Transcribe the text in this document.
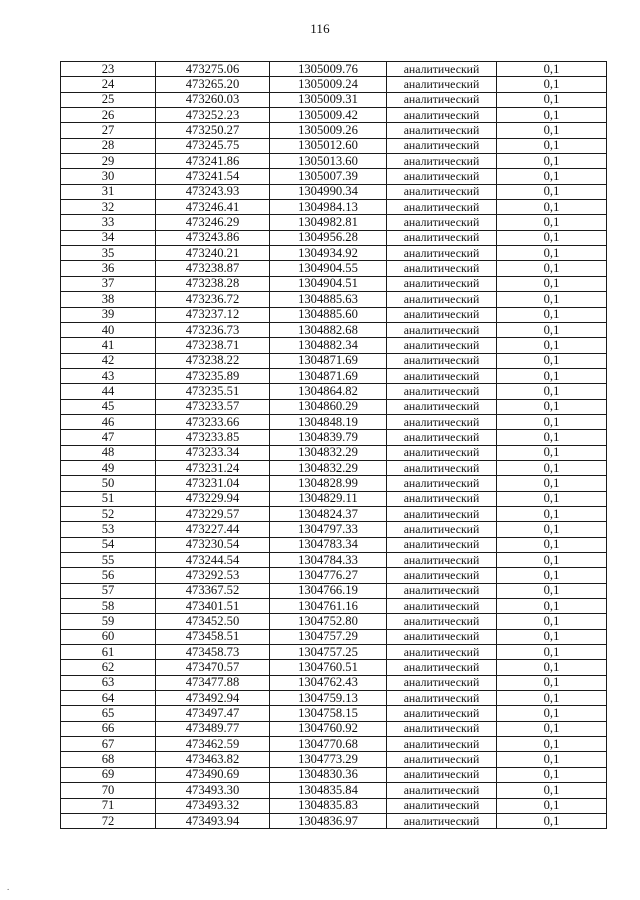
116
23	473275.06	1305009.76	аналитический	0,1
24	473265.20	1305009.24	аналитический	0,1
25	473260.03	1305009.31	аналитический	0,1
26	473252.23	1305009.42	аналитический	0,1
27	473250.27	1305009.26	аналитический	0,1
28	473245.75	1305012.60	аналитический	0,1
29	473241.86	1305013.60	аналитический	0,1
30	473241.54	1305007.39	аналитический	0,1
31	473243.93	1304990.34	аналитический	0,1
32	473246.41	1304984.13	аналитический	0,1
33	473246.29	1304982.81	аналитический	0,1
34	473243.86	1304956.28	аналитический	0,1
35	473240.21	1304934.92	аналитический	0,1
36	473238.87	1304904.55	аналитический	0,1
37	473238.28	1304904.51	аналитический	0,1
38	473236.72	1304885.63	аналитический	0,1
39	473237.12	1304885.60	аналитический	0,1
40	473236.73	1304882.68	аналитический	0,1
41	473238.71	1304882.34	аналитический	0,1
42	473238.22	1304871.69	аналитический	0,1
43	473235.89	1304871.69	аналитический	0,1
44	473235.51	1304864.82	аналитический	0,1
45	473233.57	1304860.29	аналитический	0,1
46	473233.66	1304848.19	аналитический	0,1
47	473233.85	1304839.79	аналитический	0,1
48	473233.34	1304832.29	аналитический	0,1
49	473231.24	1304832.29	аналитический	0,1
50	473231.04	1304828.99	аналитический	0,1
51	473229.94	1304829.11	аналитический	0,1
52	473229.57	1304824.37	аналитический	0,1
53	473227.44	1304797.33	аналитический	0,1
54	473230.54	1304783.34	аналитический	0,1
55	473244.54	1304784.33	аналитический	0,1
56	473292.53	1304776.27	аналитический	0,1
57	473367.52	1304766.19	аналитический	0,1
58	473401.51	1304761.16	аналитический	0,1
59	473452.50	1304752.80	аналитический	0,1
60	473458.51	1304757.29	аналитический	0,1
61	473458.73	1304757.25	аналитический	0,1
62	473470.57	1304760.51	аналитический	0,1
63	473477.88	1304762.43	аналитический	0,1
64	473492.94	1304759.13	аналитический	0,1
65	473497.47	1304758.15	аналитический	0,1
66	473489.77	1304760.92	аналитический	0,1
67	473462.59	1304770.68	аналитический	0,1
68	473463.82	1304773.29	аналитический	0,1
69	473490.69	1304830.36	аналитический	0,1
70	473493.30	1304835.84	аналитический	0,1
71	473493.32	1304835.83	аналитический	0,1
72	473493.94	1304836.97	аналитический	0,1
.
